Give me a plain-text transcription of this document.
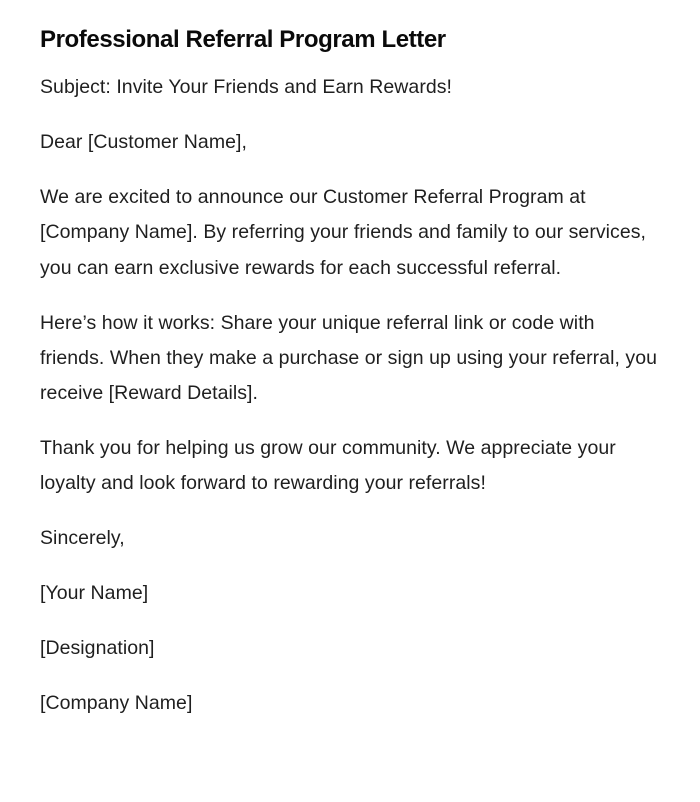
Professional Referral Program Letter

Subject: Invite Your Friends and Earn Rewards!

Dear [Customer Name],

We are excited to announce our Customer Referral Program at [Company Name]. By referring your friends and family to our services, you can earn exclusive rewards for each successful referral.

Here’s how it works: Share your unique referral link or code with friends. When they make a purchase or sign up using your referral, you receive [Reward Details].

Thank you for helping us grow our community. We appreciate your loyalty and look forward to rewarding your referrals!

Sincerely,

[Your Name]

[Designation]

[Company Name]
